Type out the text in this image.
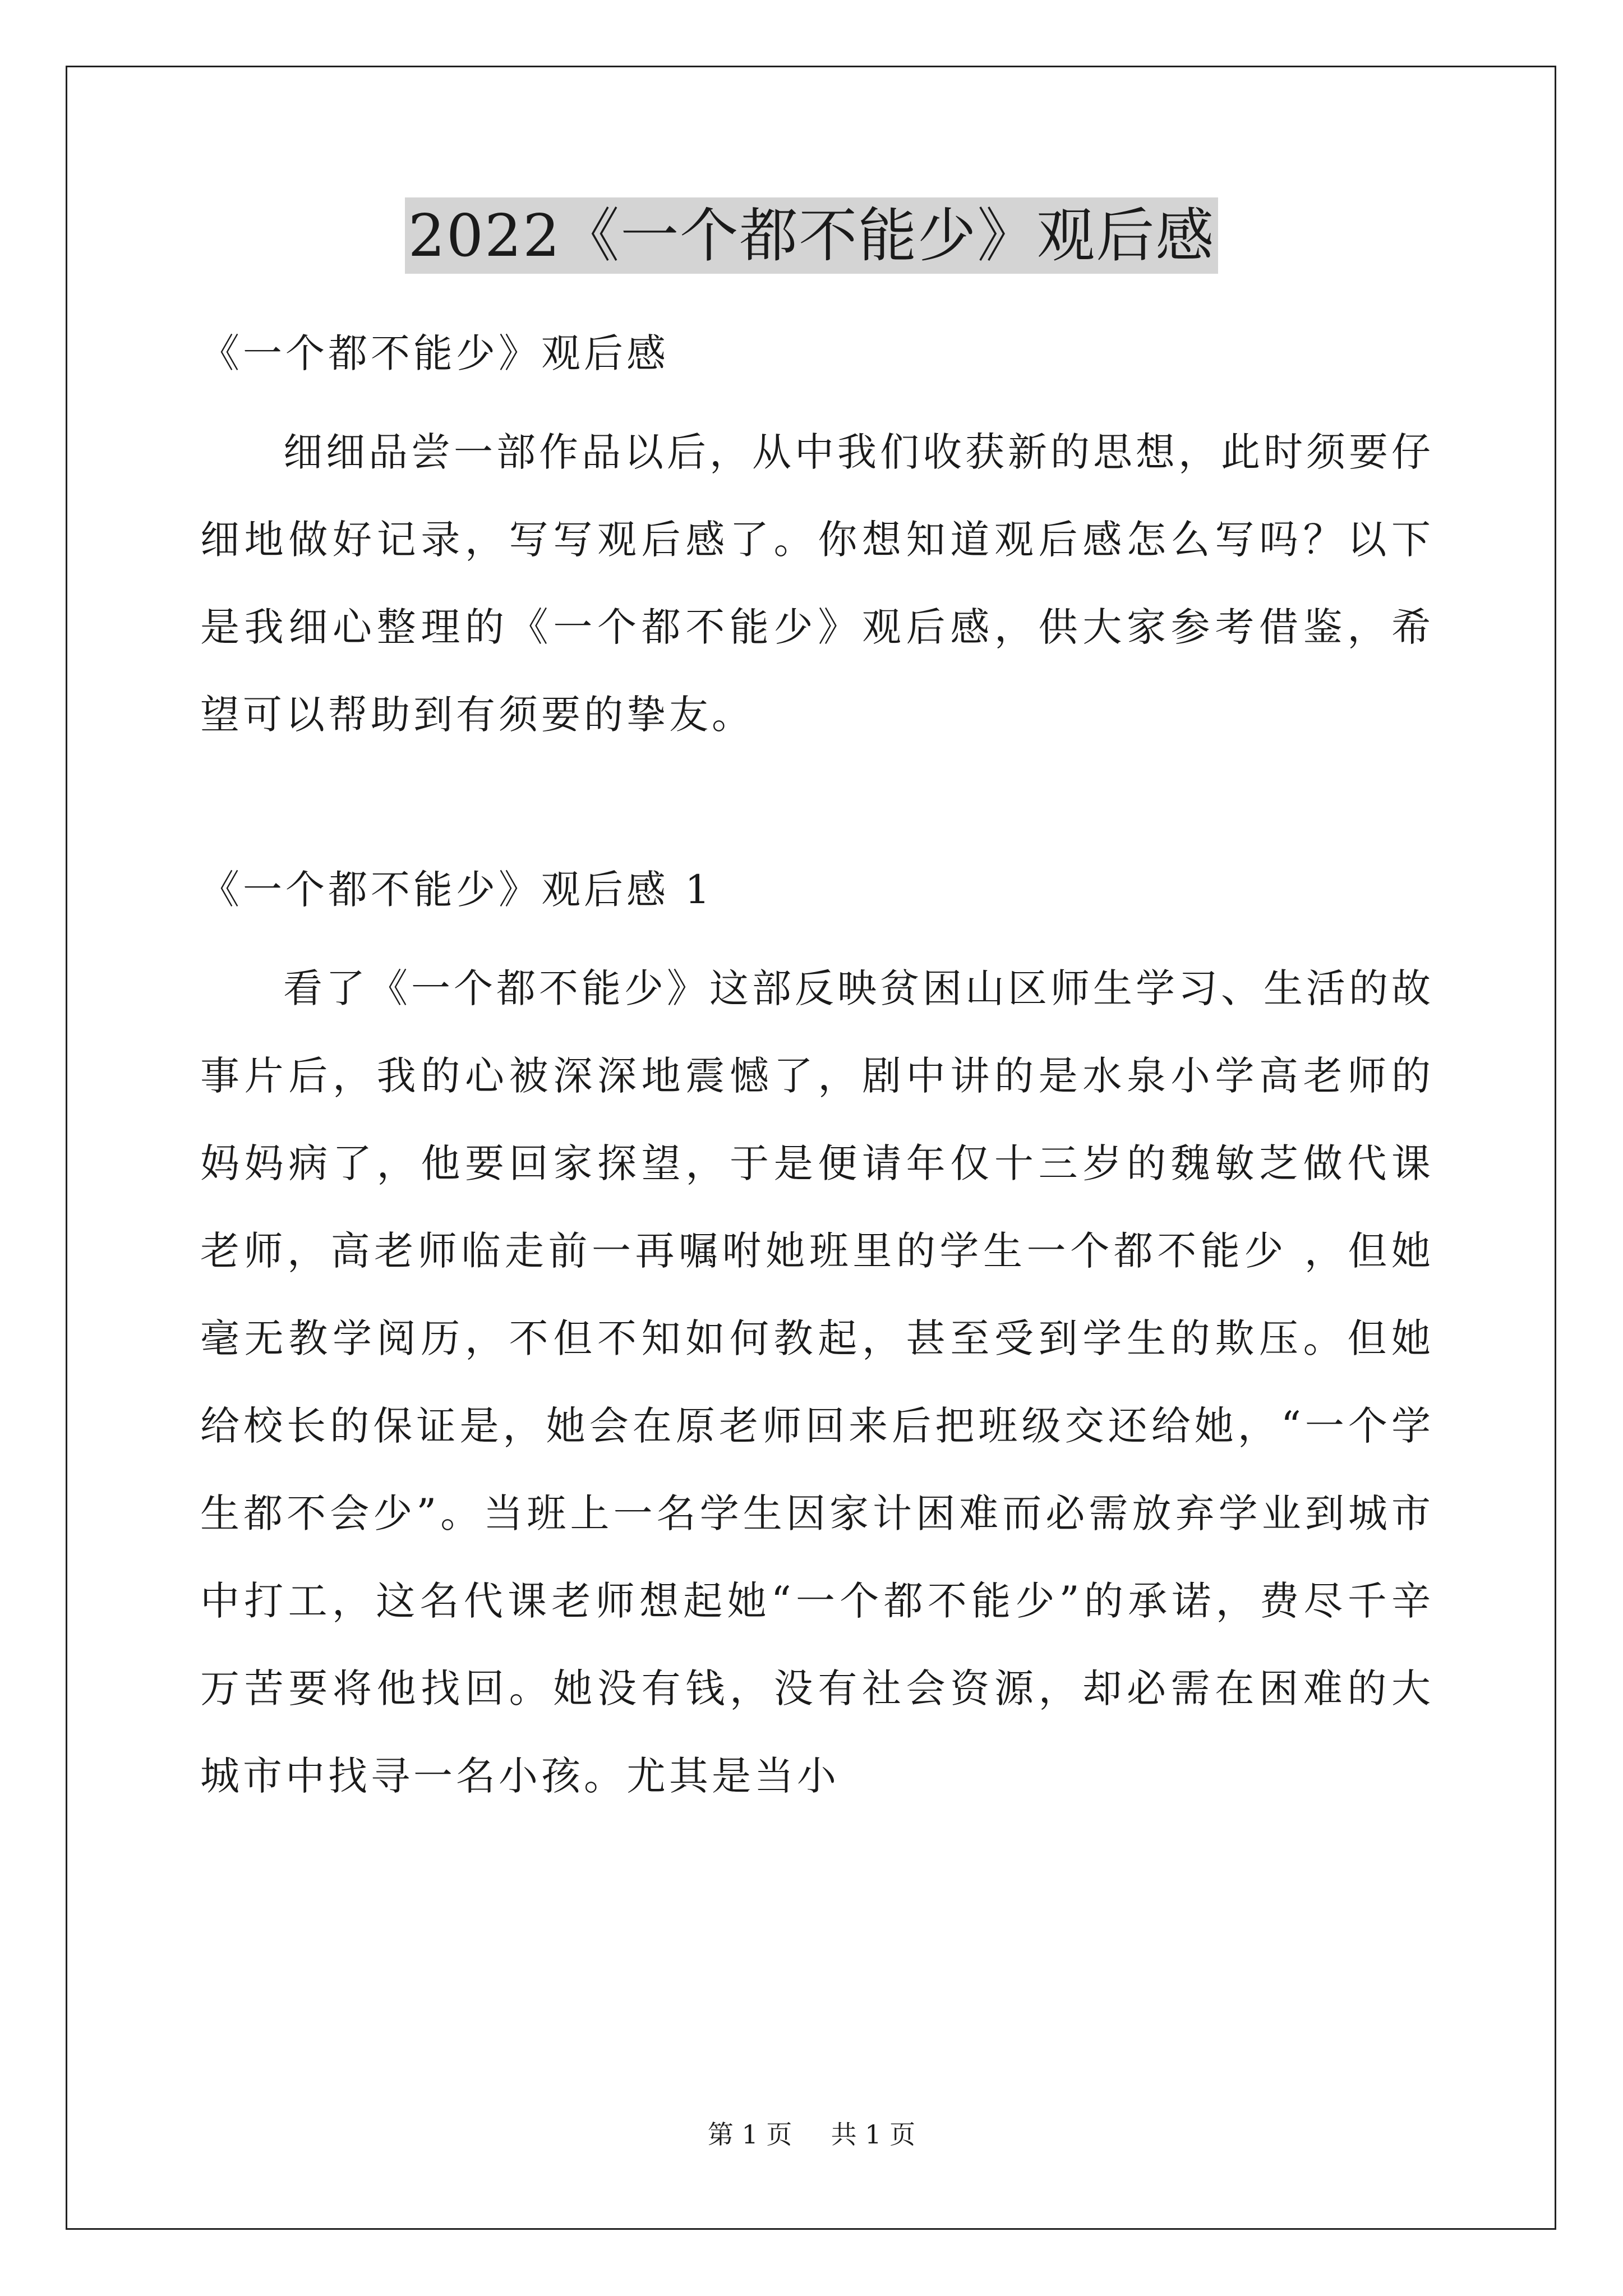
2022《一个都不能少》观后感

《一个都不能少》观后感

细细品尝一部作品以后，从中我们收获新的思想，此时须要仔细地做好记录，写写观后感了。你想知道观后感怎么写吗？以下是我细心整理的《一个都不能少》观后感，供大家参考借鉴，希望可以帮助到有须要的挚友。

《一个都不能少》观后感 1

看了《一个都不能少》这部反映贫困山区师生学习、生活的故事片后，我的心被深深地震憾了，剧中讲的是水泉小学高老师的妈妈病了，他要回家探望，于是便请年仅十三岁的魏敏芝做代课老师，高老师临走前一再嘱咐她班里的学生一个都不能少 ，但她毫无教学阅历，不但不知如何教起，甚至受到学生的欺压。但她给校长的保证是，她会在原老师回来后把班级交还给她，“一个学生都不会少”。当班上一名学生因家计困难而必需放弃学业到城市中打工，这名代课老师想起她“一个都不能少”的承诺，费尽千辛万苦要将他找回。她没有钱，没有社会资源，却必需在困难的大城市中找寻一名小孩。尤其是当小

第 1 页 共 1 页
